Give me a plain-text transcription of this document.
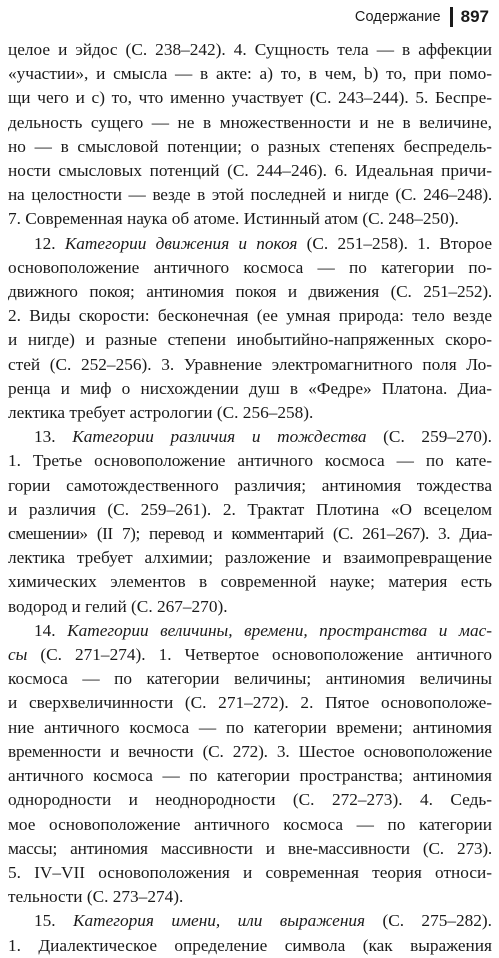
Содержание 897
целое и эйдос (С. 238–242). 4. Сущность тела — в аффекции
«участии», и смысла — в акте: a) то, в чем, b) то, при помо-
щи чего и c) то, что именно участвует (С. 243–244). 5. Беспре-
дельность сущего — не в множественности и не в величине,
но — в смысловой потенции; о разных степенях беспредель-
ности смысловых потенций (С. 244–246). 6. Идеальная причи-
на целостности — везде в этой последней и нигде (С. 246–248).
7. Современная наука об атоме. Истинный атом (С. 248–250).
12. Категории движения и покоя (С. 251–258). 1. Второе
основоположение античного космоса — по категории по-
движного покоя; антиномия покоя и движения (С. 251–252).
2. Виды скорости: бесконечная (ее умная природа: тело везде
и нигде) и разные степени инобытийно-напряженных скоро-
стей (С. 252–256). 3. Уравнение электромагнитного поля Ло-
ренца и миф о нисхождении душ в «Федре» Платона. Диа-
лектика требует астрологии (С. 256–258).
13. Категории различия и тождества (С. 259–270).
1. Третье основоположение античного космоса — по кате-
гории самотождественного различия; антиномия тождества
и различия (С. 259–261). 2. Трактат Плотина «О всецелом
смешении» (II 7); перевод и комментарий (С. 261–267). 3. Диа-
лектика требует алхимии; разложение и взаимопревращение
химических элементов в современной науке; материя есть
водород и гелий (С. 267–270).
14. Категории величины, времени, пространства и мас-
сы (С. 271–274). 1. Четвертое основоположение античного
космоса — по категории величины; антиномия величины
и сверхвеличинности (С. 271–272). 2. Пятое основоположе-
ние античного космоса — по категории времени; антиномия
временности и вечности (С. 272). 3. Шестое основоположение
античного космоса — по категории пространства; антиномия
однородности и неоднородности (С. 272–273). 4. Седь-
мое основоположение античного космоса — по категории
массы; антиномия массивности и вне-массивности (С. 273).
5. IV–VII основоположения и современная теория относи-
тельности (С. 273–274).
15. Категория имени, или выражения (С. 275–282).
1. Диалектическое определение символа (как выражения
